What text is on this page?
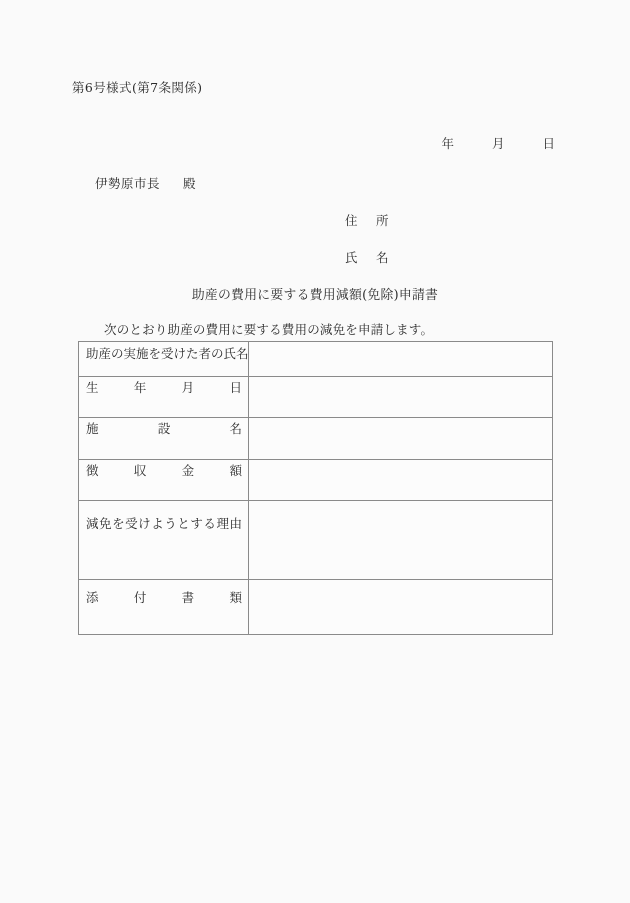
第6号様式(第7条関係)
年	月	日
伊勢原市長 殿
住 所
氏 名
助産の費用に要する費用減額(免除)申請書
次のとおり助産の費用に要する費用の減免を申請します。
助産の実施を受けた者の氏名	

生年月日	

施設名	

徴収金額	

減免を受けようとする理由	

添付書類	
